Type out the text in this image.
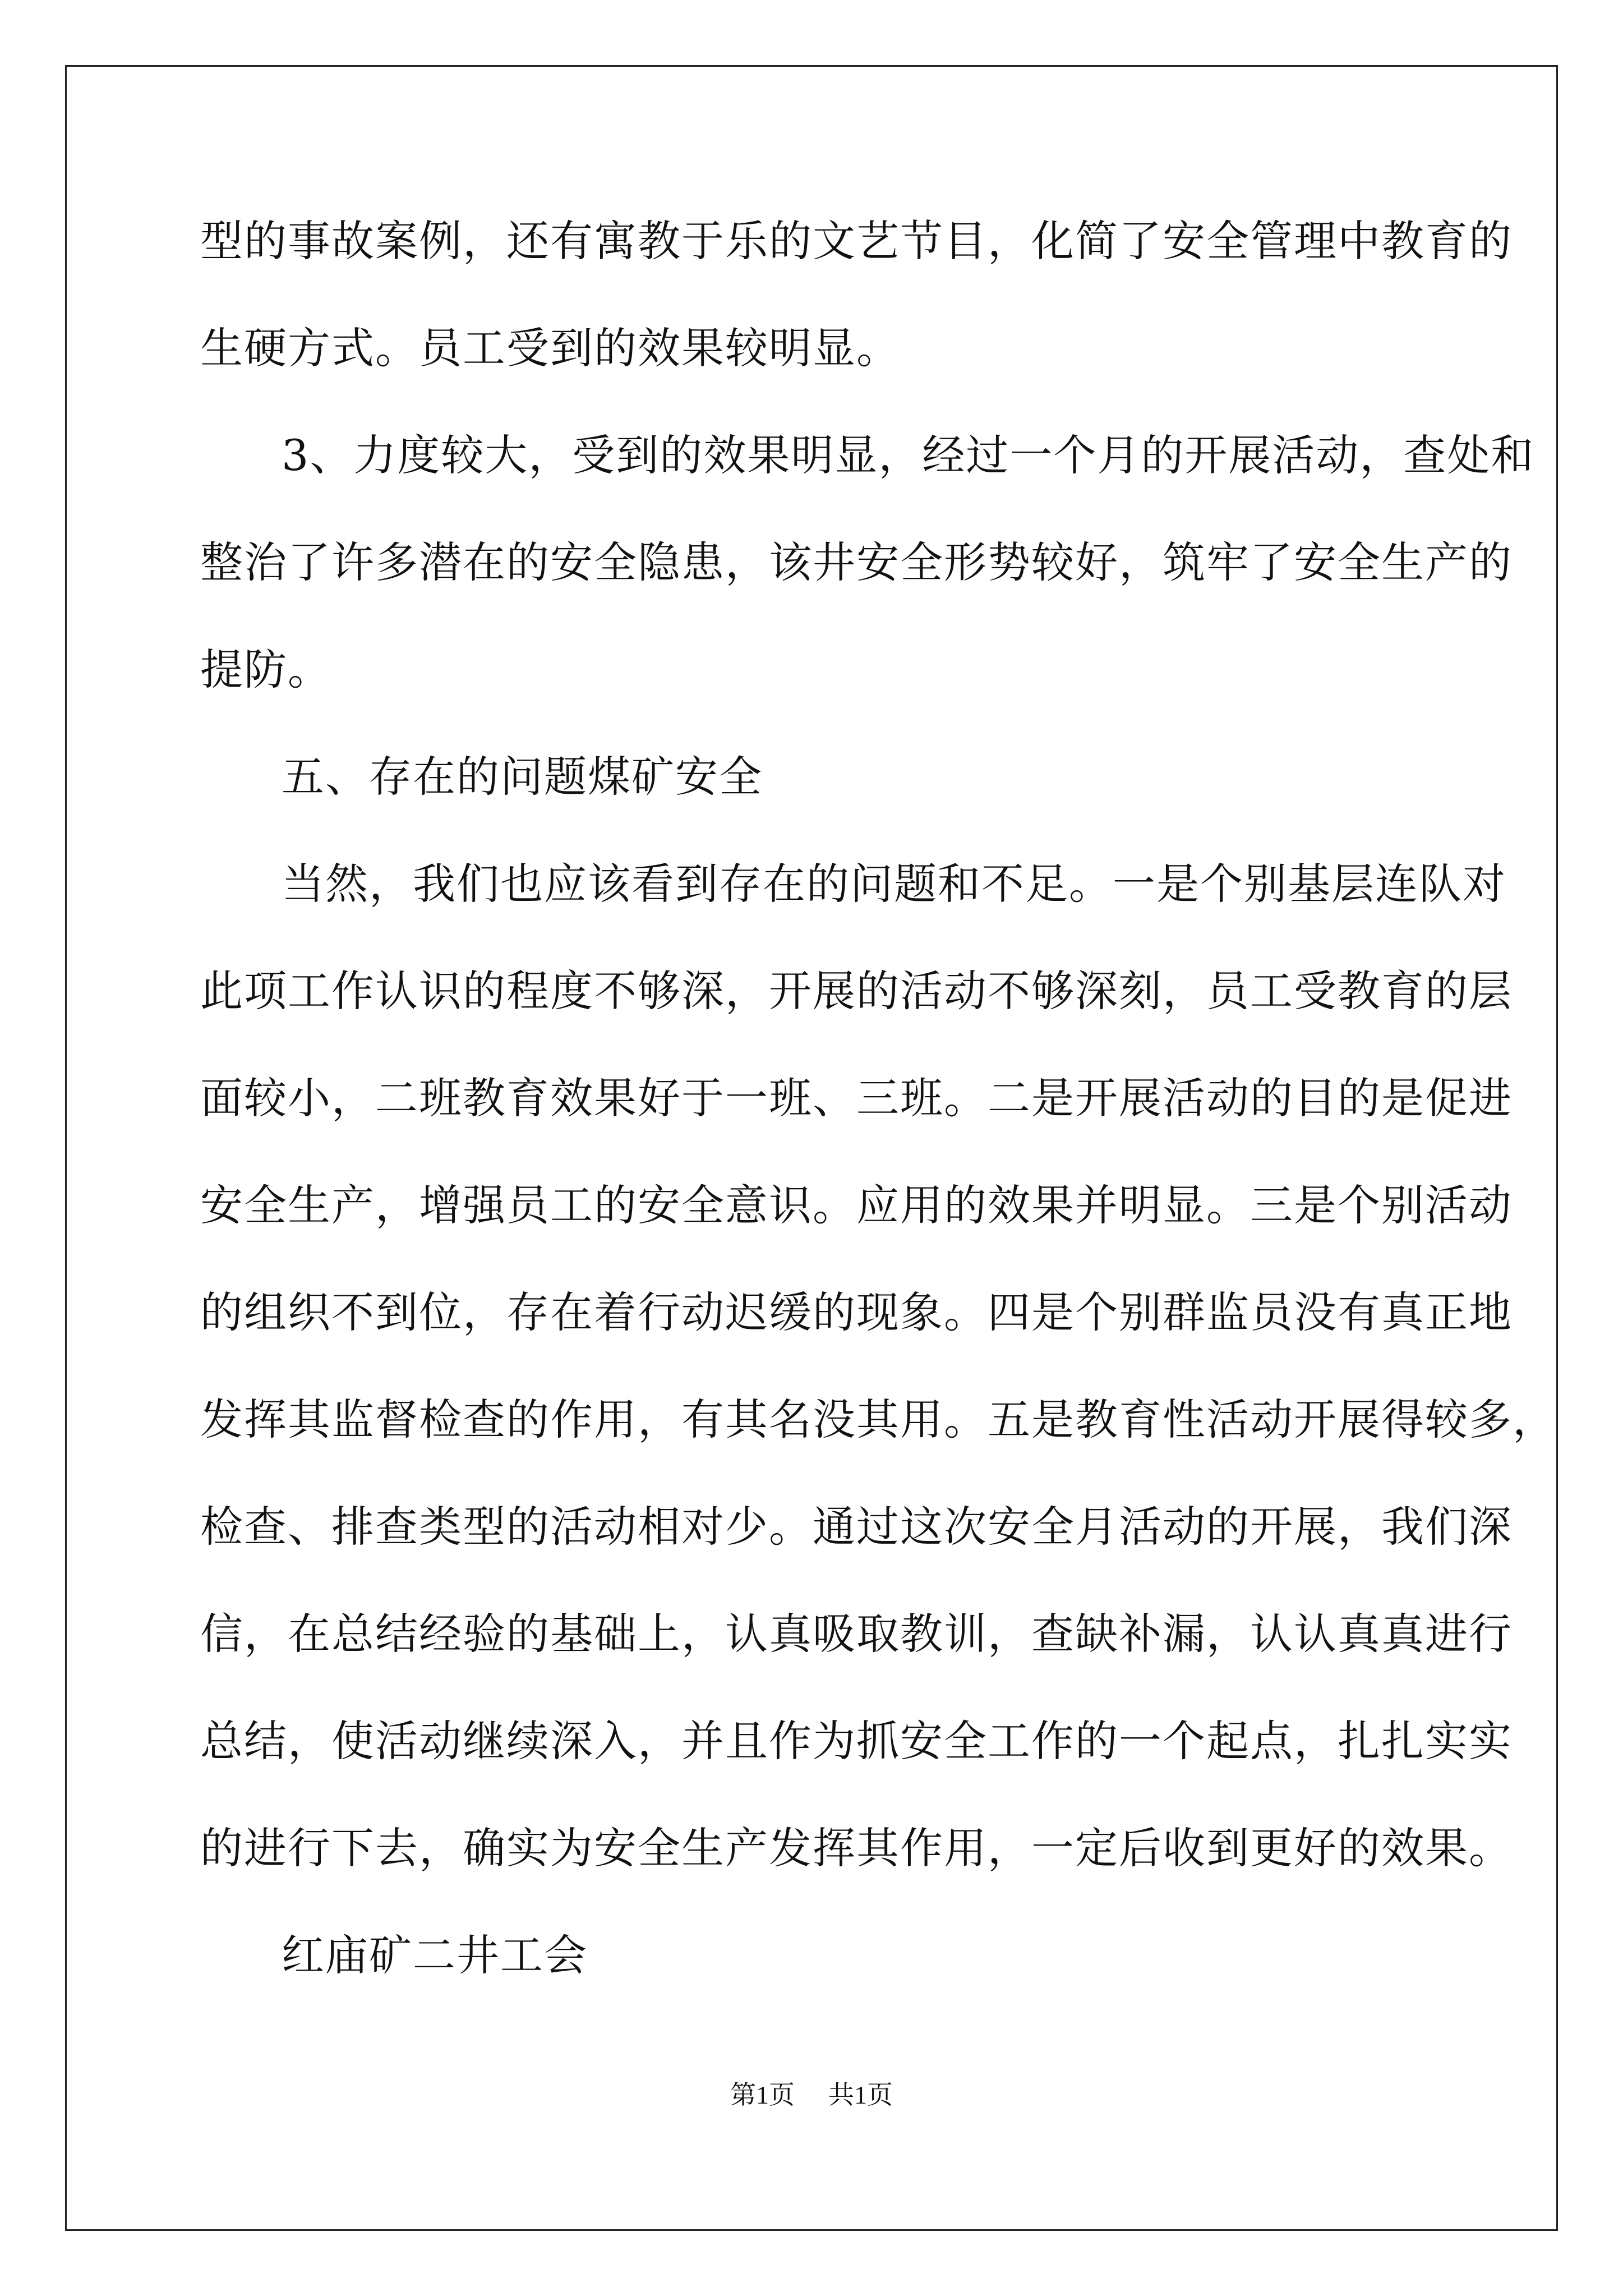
型的事故案例，还有寓教于乐的文艺节目，化简了安全管理中教育的
生硬方式。员工受到的效果较明显。
3、力度较大，受到的效果明显，经过一个月的开展活动，查处和
整治了许多潜在的安全隐患，该井安全形势较好，筑牢了安全生产的
提防。
五、存在的问题煤矿安全
当然，我们也应该看到存在的问题和不足。一是个别基层连队对
此项工作认识的程度不够深，开展的活动不够深刻，员工受教育的层
面较小，二班教育效果好于一班、三班。二是开展活动的目的是促进
安全生产，增强员工的安全意识。应用的效果并明显。三是个别活动
的组织不到位，存在着行动迟缓的现象。四是个别群监员没有真正地
发挥其监督检查的作用，有其名没其用。五是教育性活动开展得较多，
检查、排查类型的活动相对少。通过这次安全月活动的开展，我们深
信，在总结经验的基础上，认真吸取教训，查缺补漏，认认真真进行
总结，使活动继续深入，并且作为抓安全工作的一个起点，扎扎实实
的进行下去，确实为安全生产发挥其作用，一定后收到更好的效果。
红庙矿二井工会
第1页 共1页
